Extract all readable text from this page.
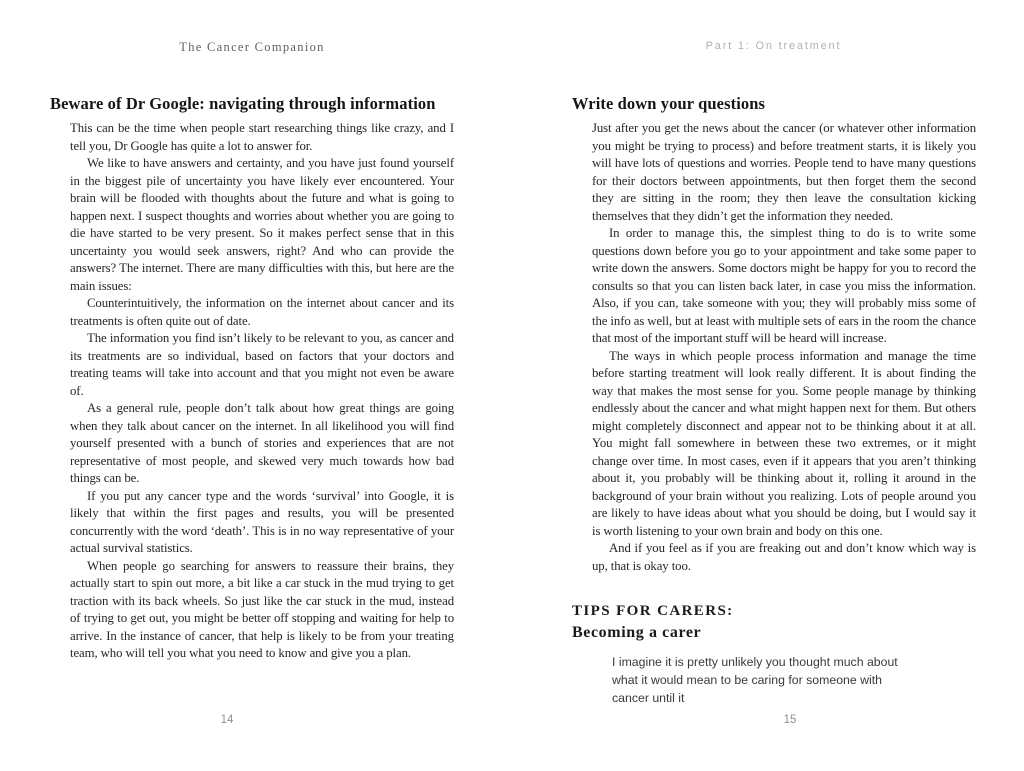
The Cancer Companion
Beware of Dr Google: navigating through information

This can be the time when people start researching things like crazy, and I tell you, Dr Google has quite a lot to answer for.

We like to have answers and certainty, and you have just found yourself in the biggest pile of uncertainty you have likely ever encountered. Your brain will be flooded with thoughts about the future and what is going to happen next. I suspect thoughts and worries about whether you are going to die have started to be very present. So it makes perfect sense that in this uncertainty you would seek answers, right? And who can provide the answers? The internet. There are many difficulties with this, but here are the main issues:

Counterintuitively, the information on the internet about cancer and its treatments is often quite out of date.

The information you find isn’t likely to be relevant to you, as cancer and its treatments are so individual, based on factors that your doctors and treating teams will take into account and that you might not even be aware of.

As a general rule, people don’t talk about how great things are going when they talk about cancer on the internet. In all likelihood you will find yourself presented with a bunch of stories and experiences that are not representative of most people, and skewed very much towards how bad things can be.

If you put any cancer type and the words ‘survival’ into Google, it is likely that within the first pages and results, you will be presented concurrently with the word ‘death’. This is in no way representative of your actual survival statistics.

When people go searching for answers to reassure their brains, they actually start to spin out more, a bit like a car stuck in the mud trying to get traction with its back wheels. So just like the car stuck in the mud, instead of trying to get out, you might be better off stopping and waiting for help to arrive. In the instance of cancer, that help is likely to be from your treating team, who will tell you what you need to know and give you a plan.

Part 1: On treatment
Write down your questions

Just after you get the news about the cancer (or whatever other information you might be trying to process) and before treatment starts, it is likely you will have lots of questions and worries. People tend to have many questions for their doctors between appointments, but then forget them the second they are sitting in the room; they then leave the consultation kicking themselves that they didn’t get the information they needed.

In order to manage this, the simplest thing to do is to write some questions down before you go to your appointment and take some paper to write down the answers. Some doctors might be happy for you to record the consults so that you can listen back later, in case you miss the information. Also, if you can, take someone with you; they will probably miss some of the info as well, but at least with multiple sets of ears in the room the chance that most of the important stuff will be heard will increase.

The ways in which people process information and manage the time before starting treatment will look really different. It is about finding the way that makes the most sense for you. Some people manage by thinking endlessly about the cancer and what might happen next for them. But others might completely disconnect and appear not to be thinking about it at all. You might fall somewhere in between these two extremes, or it might change over time. In most cases, even if it appears that you aren’t thinking about it, you probably will be thinking about it, rolling it around in the background of your brain without you realizing. Lots of people around you are likely to have ideas about what you should be doing, but I would say it is worth listening to your own brain and body on this one.

And if you feel as if you are freaking out and don’t know which way is up, that is okay too.

TIPS FOR CARERS:
Becoming a carer
I imagine it is pretty unlikely you thought much about what it would mean to be caring for someone with cancer until it
14	15
